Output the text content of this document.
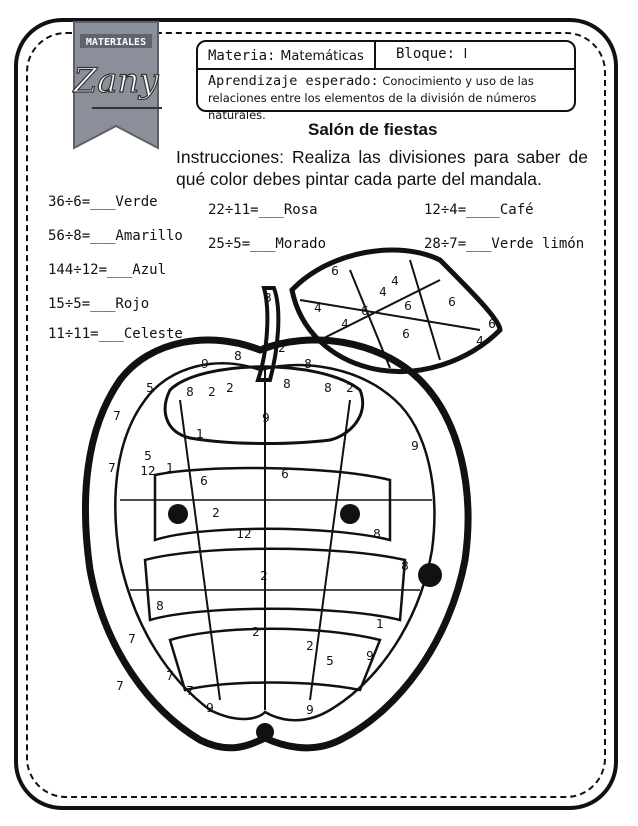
MATERIALES
Zany
Materia: Matemáticas Bloque: I
Aprendizaje esperado: Conocimiento y uso de las relaciones entre los elementos de la división de números naturales.
Salón de fiestas
Instrucciones: Realiza las divisiones para saber de qué color debes pintar cada parte del mandala.
36÷6=___Verde
56÷8=___Amarillo
144÷12=___Azul
15÷5=___Rojo
11÷11=___Celeste
22÷11=___Rosa
25÷5=___Morado
12÷4=____Café
28÷7=___Verde limón
6
4
3	6
4
6
4
6
6
4	6
4
9
2
8 2
8
5	2	8 2
8
9
8
7
1
1
5
12
6	6
2
7
9
2
12
8
8
7
1
8
9
5
7
2
2
7
7
9	9
